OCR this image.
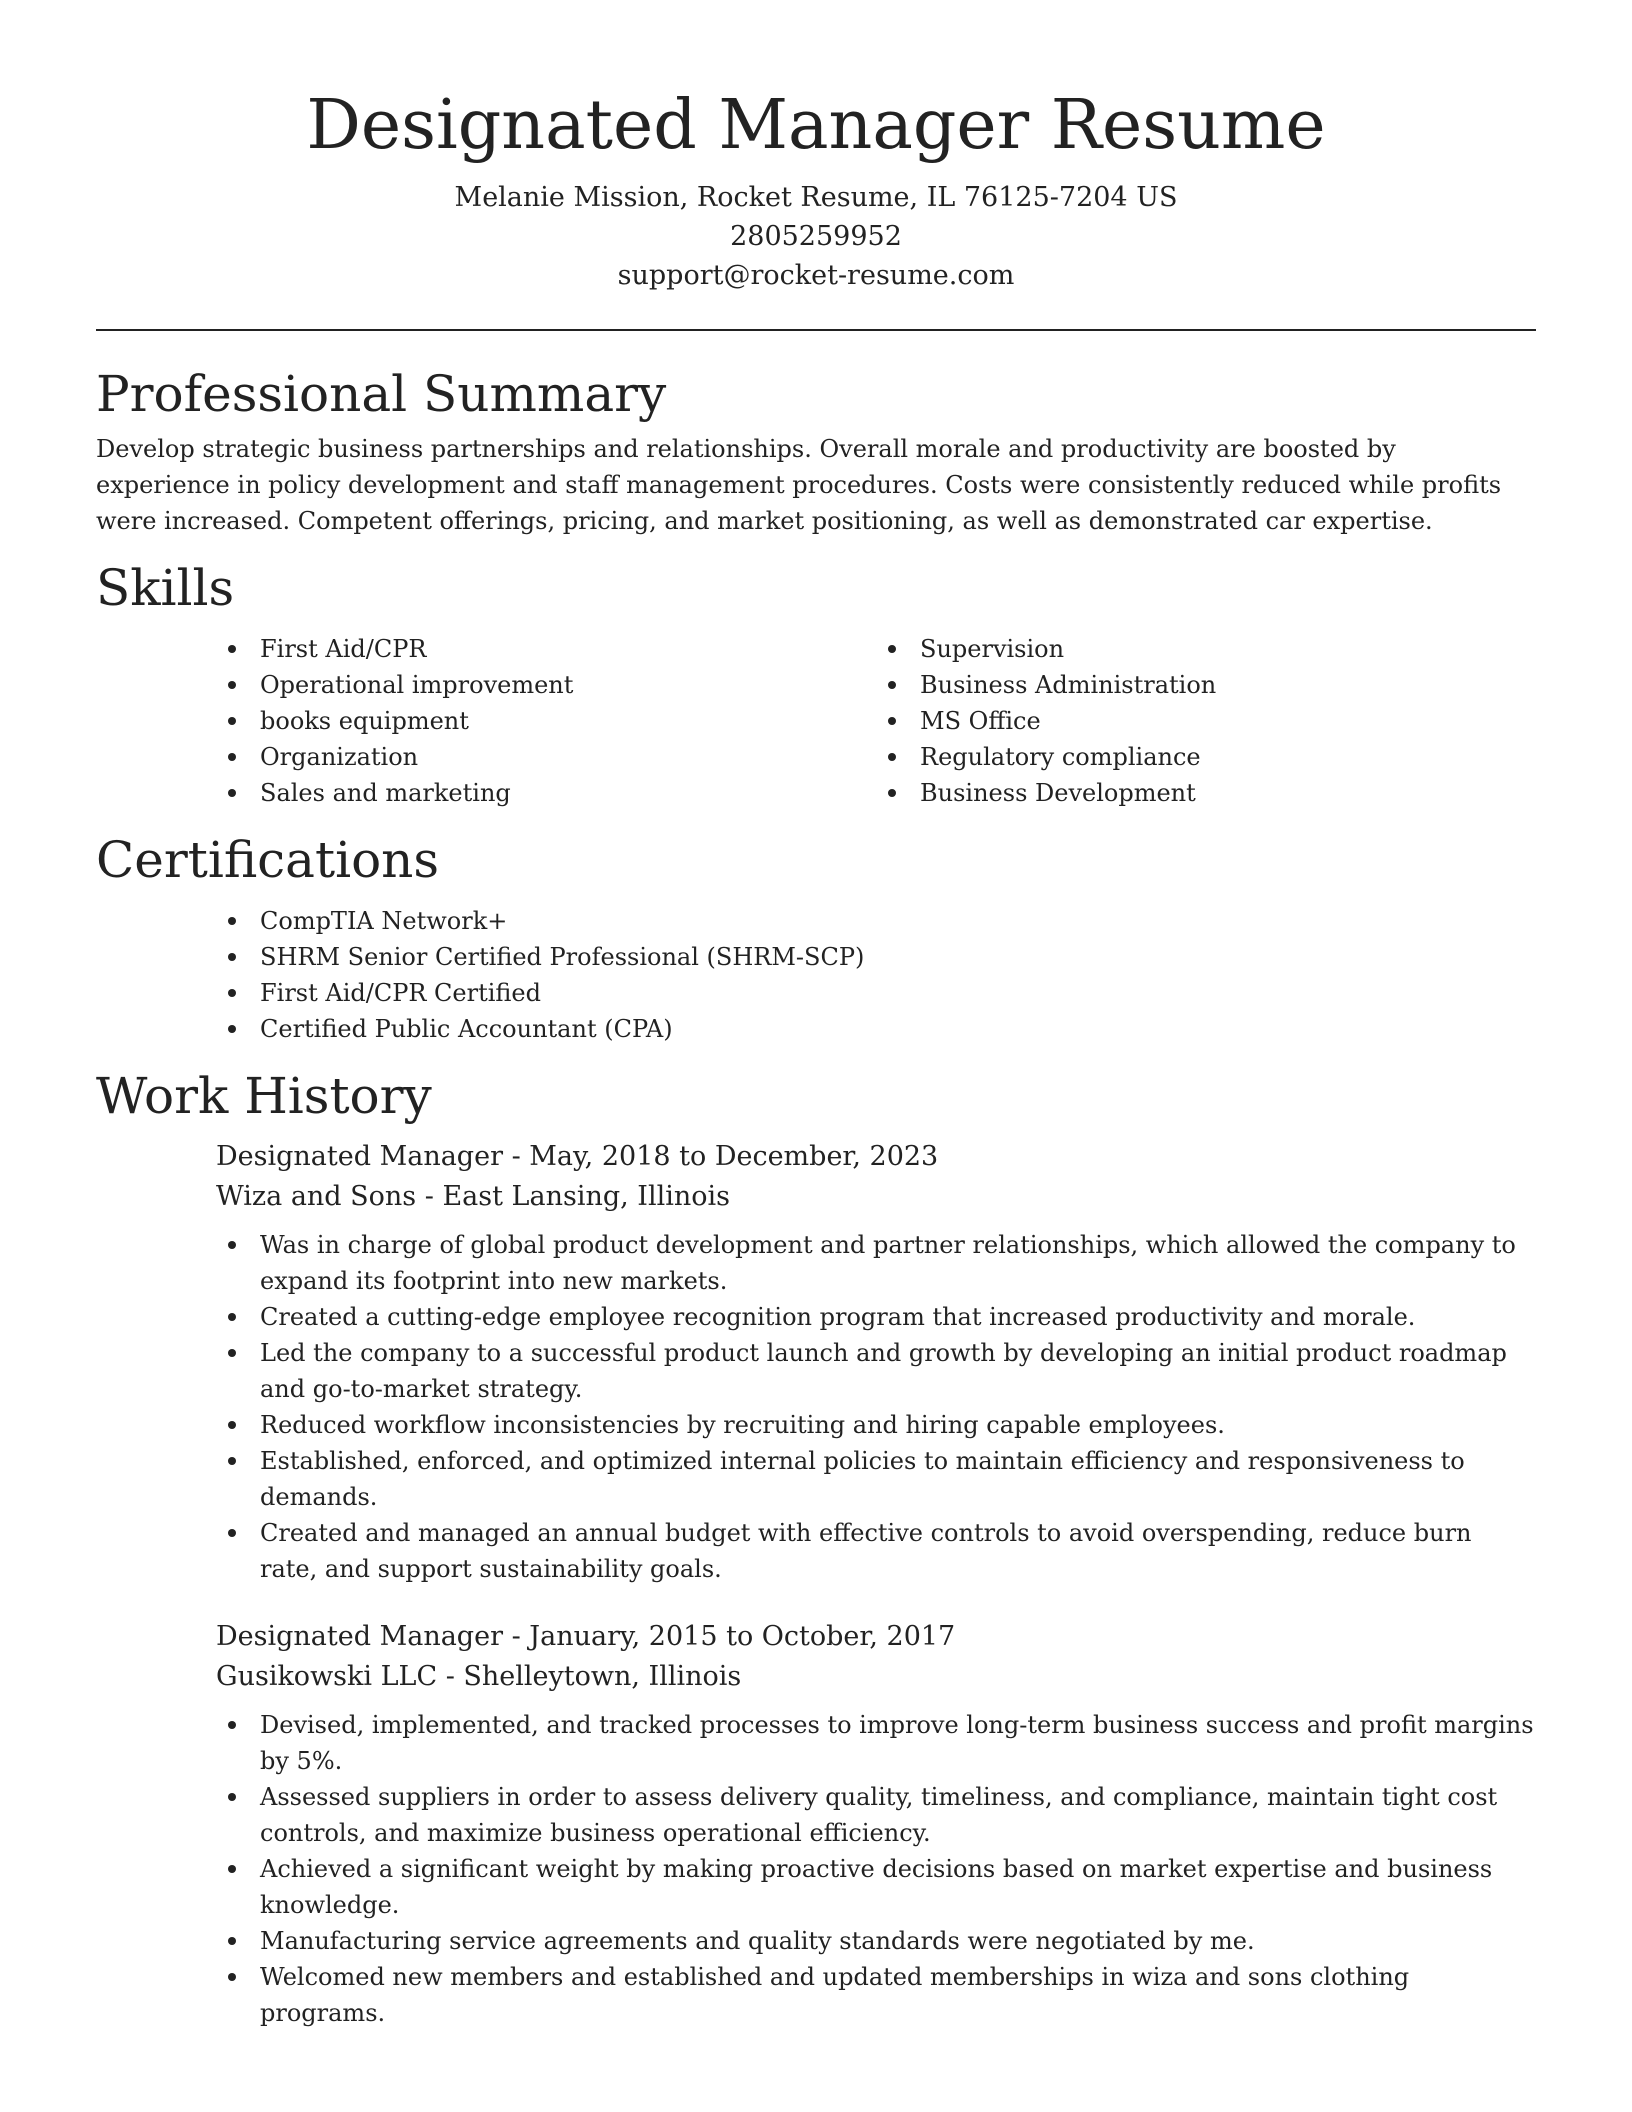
Designated Manager Resume
Melanie Mission, Rocket Resume, IL 76125-7204 US
2805259952
support@rocket-resume.com
Professional Summary

Develop strategic business partnerships and relationships. Overall morale and productivity are boosted by experience in policy development and staff management procedures. Costs were consistently reduced while profits were increased. Competent offerings, pricing, and market positioning, as well as demonstrated car expertise.

Skills
First Aid/CPR
Operational improvement
books equipment
Organization
Sales and marketing
Supervision
Business Administration
MS Office
Regulatory compliance
Business Development
Certifications
CompTIA Network+
SHRM Senior Certified Professional (SHRM-SCP)
First Aid/CPR Certified
Certified Public Accountant (CPA)
Work History
Designated Manager - May, 2018 to December, 2023
Wiza and Sons - East Lansing, Illinois
Was in charge of global product development and partner relationships, which allowed the company to expand its footprint into new markets.
Created a cutting-edge employee recognition program that increased productivity and morale.
Led the company to a successful product launch and growth by developing an initial product roadmap and go-to-market strategy.
Reduced workflow inconsistencies by recruiting and hiring capable employees.
Established, enforced, and optimized internal policies to maintain efficiency and responsiveness to demands.
Created and managed an annual budget with effective controls to avoid overspending, reduce burn rate, and support sustainability goals.
Designated Manager - January, 2015 to October, 2017
Gusikowski LLC - Shelleytown, Illinois
Devised, implemented, and tracked processes to improve long-term business success and profit margins by 5%.
Assessed suppliers in order to assess delivery quality, timeliness, and compliance, maintain tight cost controls, and maximize business operational efficiency.
Achieved a significant weight by making proactive decisions based on market expertise and business knowledge.
Manufacturing service agreements and quality standards were negotiated by me.
Welcomed new members and established and updated memberships in wiza and sons clothing programs.
